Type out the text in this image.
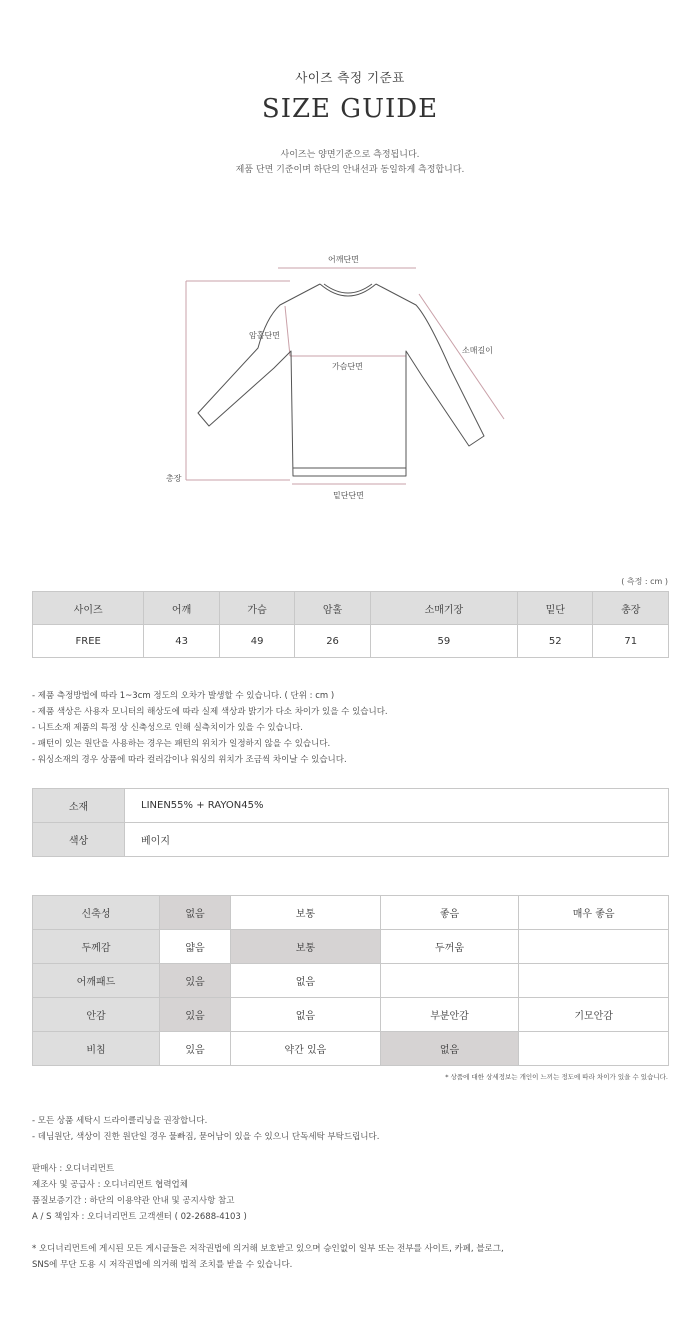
사이즈 측정 기준표
SIZE GUIDE
사이즈는 양면기준으로 측정됩니다.
제품 단면 기준이며 하단의 안내선과 동일하게 측정합니다.
어깨단면
암홀단면
소매길이
가슴단면
총장
밑단단면
( 측정 : cm )
사이즈	어깨	가슴	암홀	소매기장	밑단	총장
FREE	43	49	26	59	52	71
- 제품 측정방법에 따라 1~3cm 정도의 오차가 발생할 수 있습니다. ( 단위 : cm )
- 제품 색상은 사용자 모니터의 해상도에 따라 실제 색상과 밝기가 다소 차이가 있을 수 있습니다.
- 니트소재 제품의 특정 상 신축성으로 인해 실측치이가 있을 수 있습니다.
- 패턴이 있는 원단을 사용하는 경우는 패턴의 위치가 일정하지 않을 수 있습니다.
- 워싱소재의 경우 상품에 따라 컬러감이나 워싱의 위치가 조금씩 차이날 수 있습니다.
소재	LINEN55% + RAYON45%
색상	베이지
신축성	없음	보통	좋음	매우 좋음
두께감	얇음	보통	두꺼움	
어깨패드	있음	없음		
안감	있음	없음	부분안감	기모안감
비침	있음	약간 있음	없음	
* 상품에 대한 상세정보는 개인이 느끼는 정도에 따라 차이가 있을 수 있습니다.
- 모든 상품 세탁시 드라이클리닝을 권장합니다.
- 데님원단, 색상이 진한 원단일 경우 물빠짐, 묻어남이 있을 수 있으니 단독세탁 부탁드립니다.
판매사 : 오디너리먼트
제조사 및 공급사 : 오디너리먼트 협력업체
품질보증기간 : 하단의 이용약관 안내 및 공지사항 참고
A / S 책임자 : 오디너리먼트 고객센터 ( 02-2688-4103 )
* 오디너리먼트에 게시된 모든 게시글들은 저작권법에 의거해 보호받고 있으며 승인없이 일부 또는 전부를 사이트, 카페, 블로그,
SNS에 무단 도용 시 저작권법에 의거해 법적 조치를 받을 수 있습니다.
